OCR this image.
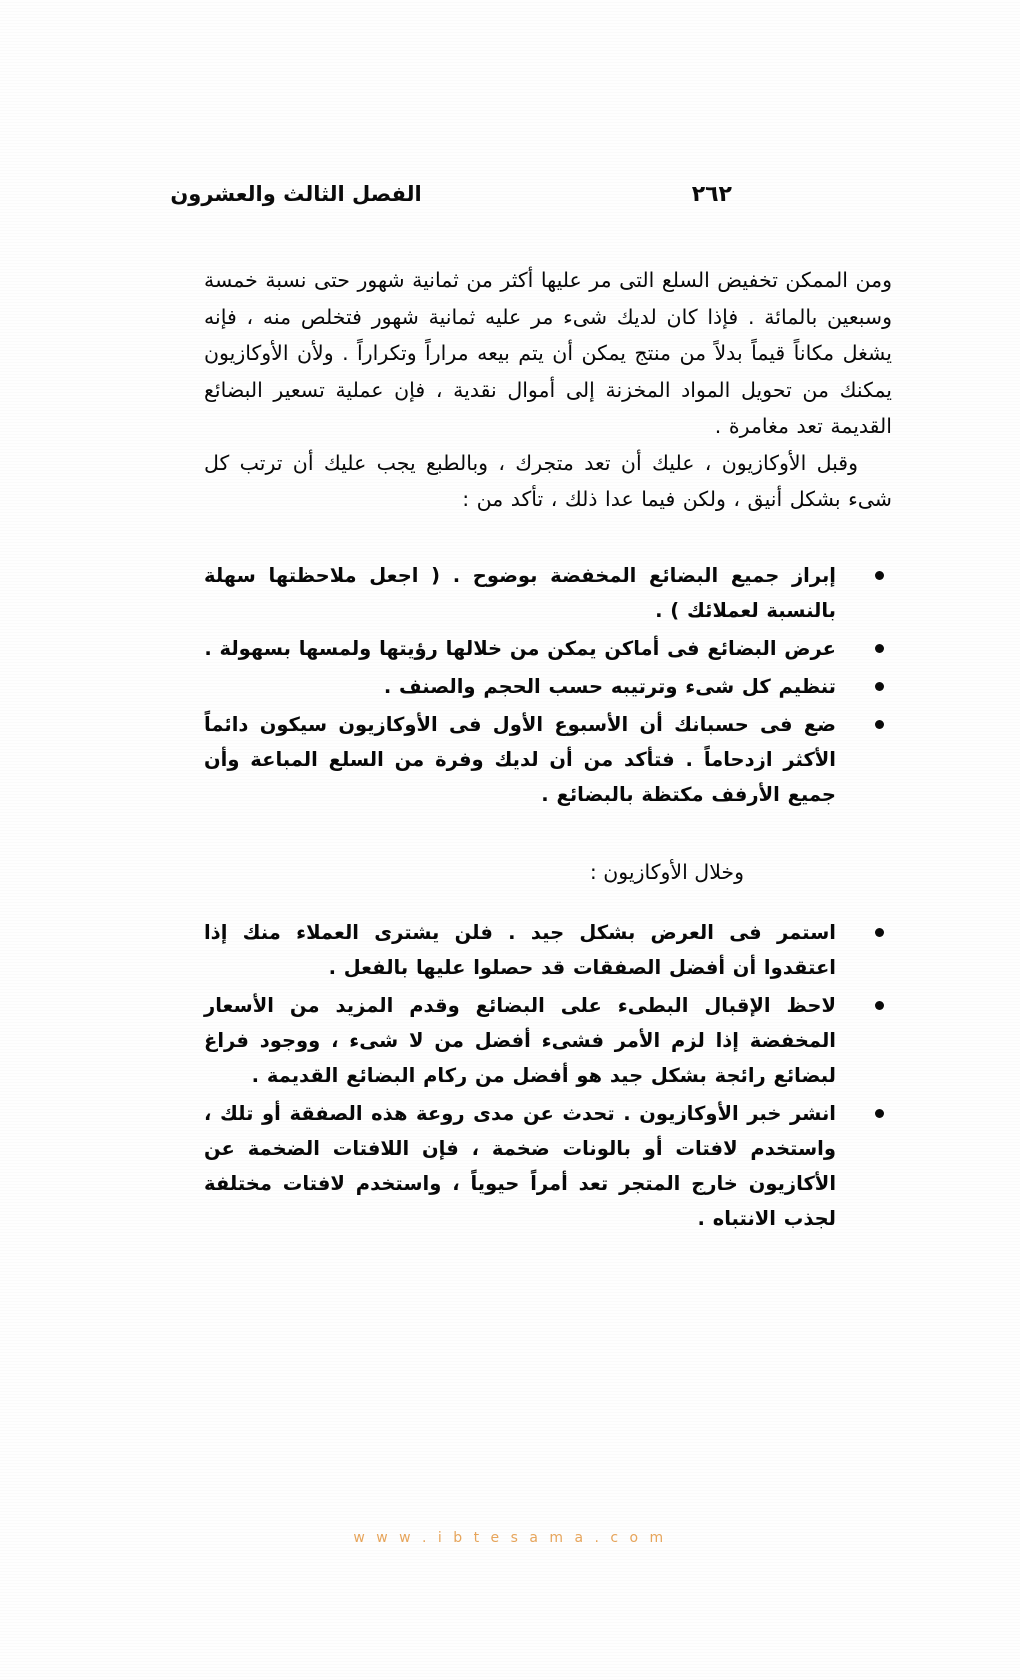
٢٦٢
الفصل الثالث والعشرون

ومن الممكن تخفيض السلع التى مر عليها أكثر من ثمانية شهور حتى نسبة خمسة وسبعين بالمائة . فإذا كان لديك شىء مر عليه ثمانية شهور فتخلص منه ، فإنه يشغل مكاناً قيماً بدلاً من منتج يمكن أن يتم بيعه مراراً وتكراراً . ولأن الأوكازيون يمكنك من تحويل المواد المخزنة إلى أموال نقدية ، فإن عملية تسعير البضائع القديمة تعد مغامرة .

وقبل الأوكازيون ، عليك أن تعد متجرك ، وبالطبع يجب عليك أن ترتب كل شىء بشكل أنيق ، ولكن فيما عدا ذلك ، تأكد من :

إبراز جميع البضائع المخفضة بوضوح . ( اجعل ملاحظتها سهلة بالنسبة لعملائك ) .
عرض البضائع فى أماكن يمكن من خلالها رؤيتها ولمسها بسهولة .
تنظيم كل شىء وترتيبه حسب الحجم والصنف .
ضع فى حسبانك أن الأسبوع الأول فى الأوكازيون سيكون دائماً الأكثر ازدحاماً . فتأكد من أن لديك وفرة من السلع المباعة وأن جميع الأرفف مكتظة بالبضائع .

وخلال الأوكازيون :

استمر فى العرض بشكل جيد . فلن يشترى العملاء منك إذا اعتقدوا أن أفضل الصفقات قد حصلوا عليها بالفعل .
لاحظ الإقبال البطىء على البضائع وقدم المزيد من الأسعار المخفضة إذا لزم الأمر فشىء أفضل من لا شىء ، ووجود فراغ لبضائع رائجة بشكل جيد هو أفضل من ركام البضائع القديمة .
انشر خبر الأوكازيون . تحدث عن مدى روعة هذه الصفقة أو تلك ، واستخدم لافتات أو بالونات ضخمة ، فإن اللافتات الضخمة عن الأكازيون خارج المتجر تعد أمراً حيوياً ، واستخدم لافتات مختلفة لجذب الانتباه .
w w w . i b t e s a m a . c o m
